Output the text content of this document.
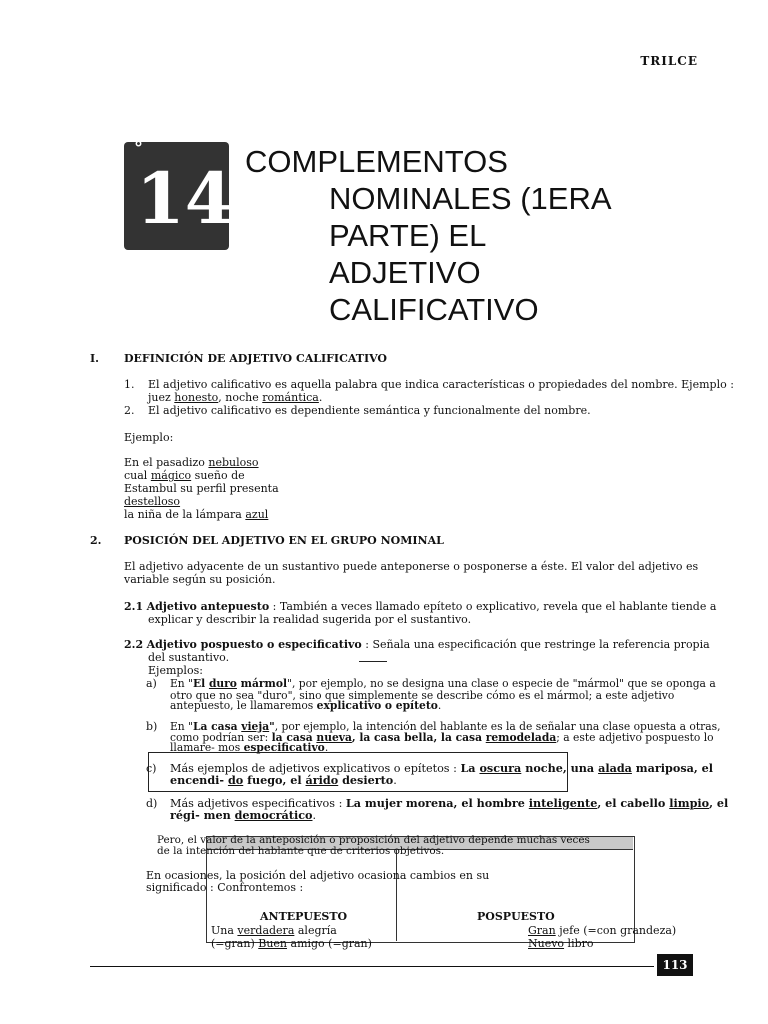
TRILCE
°
14 COMPLEMENTOS
NOMINALES (1ERA
PARTE) EL
ADJETIVO
CALIFICATIVO
I. DEFINICIÓN DE ADJETIVO CALIFICATIVO
1. El adjetivo calificativo es aquella palabra que indica características o propiedades del nombre. Ejemplo :
juez honesto, noche romántica.
2. El adjetivo calificativo es dependiente semántica y funcionalmente del nombre.
Ejemplo:
En el pasadizo nebuloso
cual mágico sueño de
Estambul su perfil presenta
destelloso
la niña de la lámpara azul
2. POSICIÓN DEL ADJETIVO EN EL GRUPO NOMINAL
El adjetivo adyacente de un sustantivo puede anteponerse o posponerse a éste. El valor del adjetivo es
variable según su posición.
2.1 Adjetivo antepuesto : También a veces llamado epíteto o explicativo, revela que el hablante tiende a
explicar y describir la realidad sugerida por el sustantivo.
2.2 Adjetivo pospuesto o especificativo : Señala una especificación que restringe la referencia propia
del sustantivo.
Ejemplos:
a) En "El duro mármol", por ejemplo, no se designa una clase o especie de "mármol" que se oponga a
otro que no sea "duro", sino que simplemente se describe cómo es el mármol; a este adjetivo
antepuesto, le llamaremos explicativo o epíteto.
b) En "La casa vieja", por ejemplo, la intención del hablante es la de señalar una clase opuesta a otras,
como podrían ser: la casa nueva, la casa bella, la casa remodelada; a este adjetivo pospuesto lo
llamare- mos especificativo.
c) Más ejemplos de adjetivos explicativos o epítetos : La oscura noche, una alada mariposa, el
encendi- do fuego, el árido desierto.
d) Más adjetivos especificativos : La mujer morena, el hombre inteligente, el cabello limpio, el
régi- men democrático.
Pero, el valor de la anteposición o proposición del adjetivo depende muchas veces
de la intención del hablante que de criterios objetivos.
En ocasiones, la posición del adjetivo ocasiona cambios en su
significado : Confrontemos :
ANTEPUESTO	POSPUESTO
Una verdadera alegría
(=gran) Buen amigo (=gran)
Gran jefe (=con grandeza)
Nuevo libro
113
